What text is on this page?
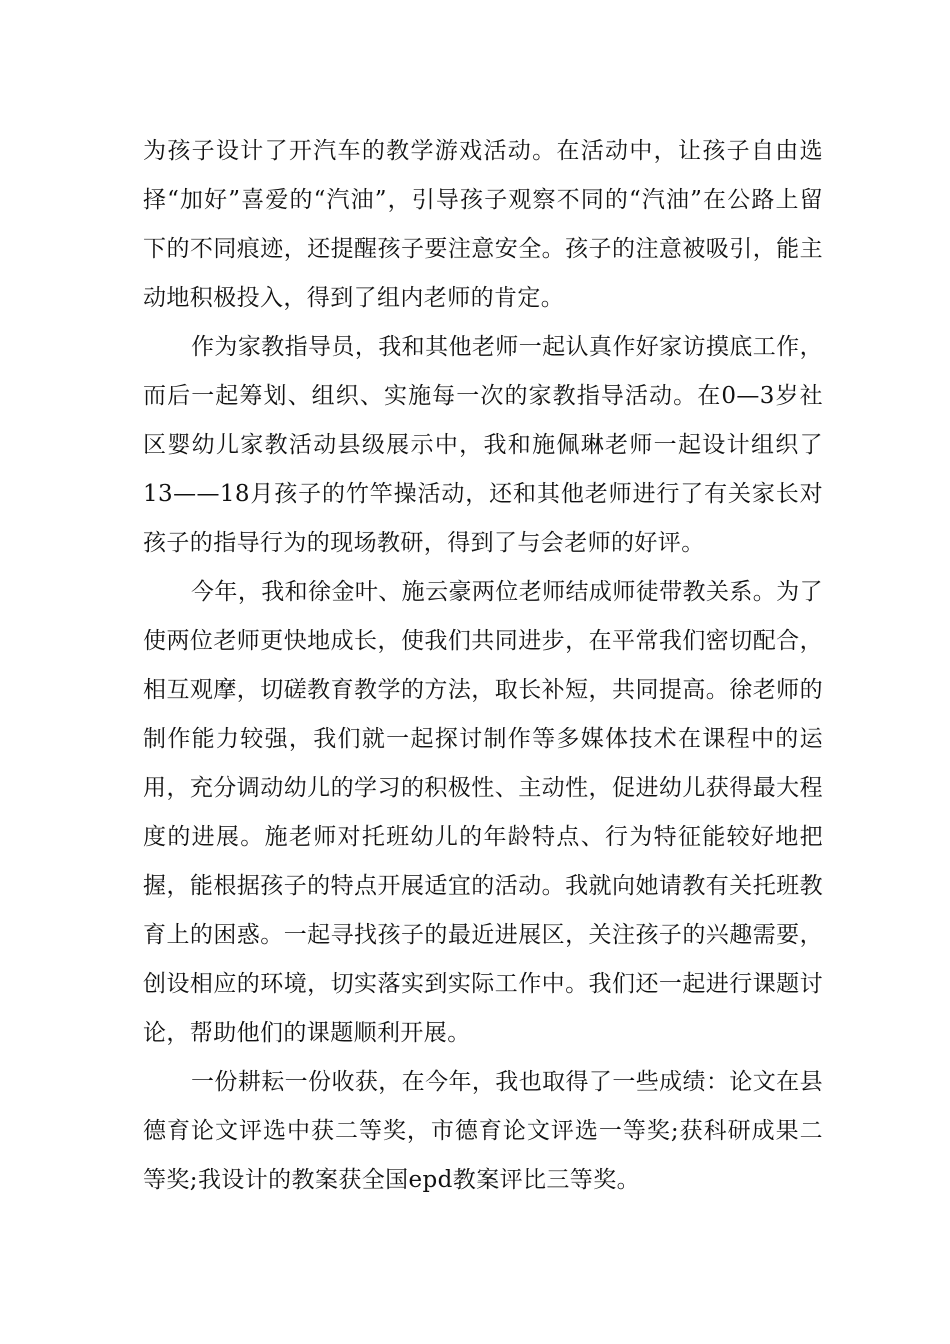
为孩子设计了开汽车的教学游戏活动。在活动中，让孩子自由选择“加好”喜爱的“汽油”，引导孩子观察不同的“汽油”在公路上留下的不同痕迹，还提醒孩子要注意安全。孩子的注意被吸引，能主动地积极投入，得到了组内老师的肯定。

作为家教指导员，我和其他老师一起认真作好家访摸底工作，而后一起筹划、组织、实施每一次的家教指导活动。在0—3岁社区婴幼儿家教活动县级展示中，我和施佩琳老师一起设计组织了13——18月孩子的竹竿操活动，还和其他老师进行了有关家长对孩子的指导行为的现场教研，得到了与会老师的好评。

今年，我和徐金叶、施云豪两位老师结成师徒带教关系。为了使两位老师更快地成长，使我们共同进步，在平常我们密切配合，相互观摩，切磋教育教学的方法，取长补短，共同提高。徐老师的制作能力较强，我们就一起探讨制作等多媒体技术在课程中的运用，充分调动幼儿的学习的积极性、主动性，促进幼儿获得最大程度的进展。施老师对托班幼儿的年龄特点、行为特征能较好地把握，能根据孩子的特点开展适宜的活动。我就向她请教有关托班教育上的困惑。一起寻找孩子的最近进展区，关注孩子的兴趣需要，创设相应的环境，切实落实到实际工作中。我们还一起进行课题讨论，帮助他们的课题顺利开展。

一份耕耘一份收获，在今年，我也取得了一些成绩：论文在县德育论文评选中获二等奖，市德育论文评选一等奖;获科研成果二等奖;我设计的教案获全国epd教案评比三等奖。
